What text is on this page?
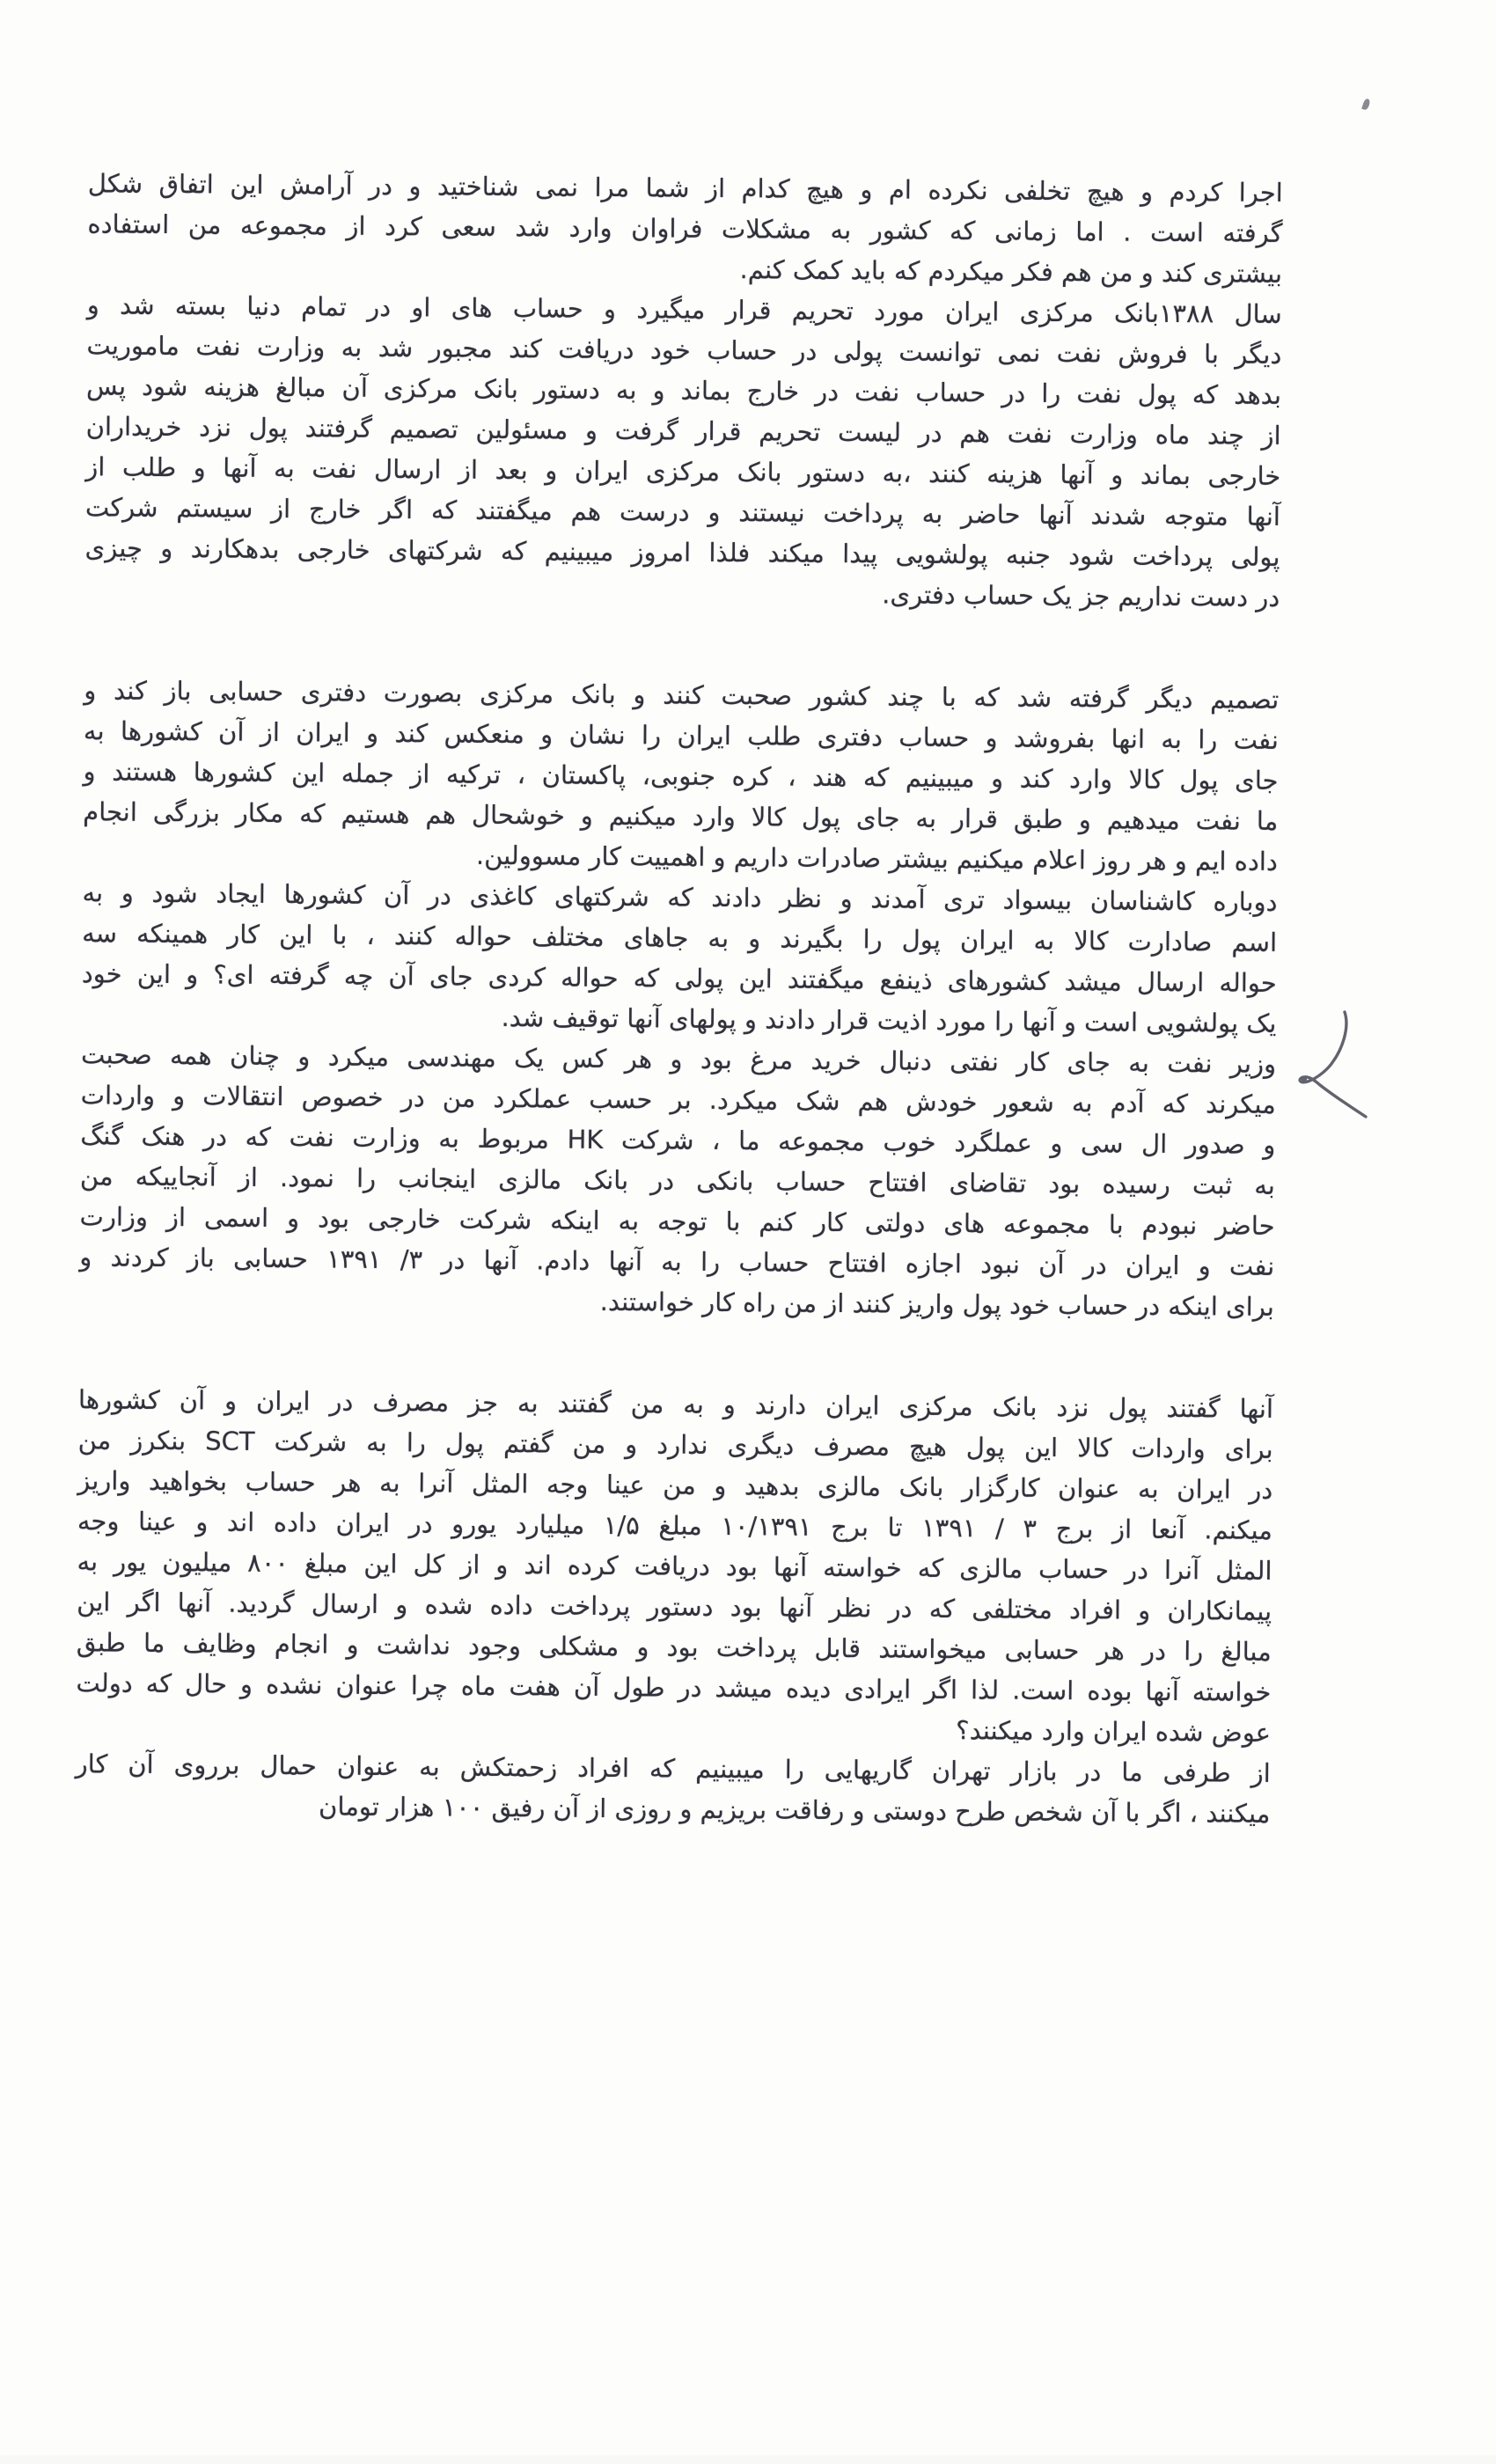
اجرا کردم و هیچ تخلفی نکرده ام و هیچ کدام از شما مرا نمی شناختید و در آرامش این اتفاق شکل
گرفته است . اما زمانی که کشور به مشکلات فراوان وارد شد سعی کرد از مجموعه من استفاده
بیشتری کند و من هم فکر میکردم که باید کمک کنم.
سال ۱۳۸۸بانک مرکزی ایران مورد تحریم قرار میگیرد و حساب های او در تمام دنیا بسته شد و
دیگر با فروش نفت نمی توانست پولی در حساب خود دریافت کند مجبور شد به وزارت نفت ماموریت
بدهد که پول نفت را در حساب نفت در خارج بماند و به دستور بانک مرکزی آن مبالغ هزینه شود پس
از چند ماه وزارت نفت هم در لیست تحریم قرار گرفت و مسئولین تصمیم گرفتند پول نزد خریداران
خارجی بماند و آنها هزینه کنند ،به دستور بانک مرکزی ایران و بعد از ارسال نفت به آنها و طلب از
آنها متوجه شدند آنها حاضر به پرداخت نیستند و درست هم میگفتند که اگر خارج از سیستم شرکت
پولی پرداخت شود جنبه پولشویی پیدا میکند فلذا امروز میبینیم که شرکتهای خارجی بدهکارند و چیزی
در دست نداریم جز یک حساب دفتری.
تصمیم دیگر گرفته شد که با چند کشور صحبت کنند و بانک مرکزی بصورت دفتری حسابی باز کند و
نفت را به انها بفروشد و حساب دفتری طلب ایران را نشان و منعکس کند و ایران از آن کشورها به
جای پول کالا وارد کند و میبینیم که هند ، کره جنوبی، پاکستان ، ترکیه از جمله این کشورها هستند و
ما نفت میدهیم و طبق قرار به جای پول کالا وارد میکنیم و خوشحال هم هستیم که مکار بزرگی انجام
داده ایم و هر روز اعلام میکنیم بیشتر صادرات داریم و اهمییت کار مسوولین.
دوباره کاشناسان بیسواد تری آمدند و نظر دادند که شرکتهای کاغذی در آن کشورها ایجاد شود و به
اسم صادارت کالا به ایران پول را بگیرند و به جاهای مختلف حواله کنند ، با این کار همینکه سه
حواله ارسال میشد کشورهای ذینفع میگفتند این پولی که حواله کردی جای آن چه گرفته ای؟ و این خود
یک پولشویی است و آنها را مورد اذیت قرار دادند و پولهای آنها توقیف شد.
وزیر نفت به جای کار نفتی دنبال خرید مرغ بود و هر کس یک مهندسی میکرد و چنان همه صحبت
میکرند که آدم به شعور خودش هم شک میکرد. بر حسب عملکرد من در خصوص انتقالات و واردات
و صدور ال سی و عملگرد خوب مجموعه ما ، شرکت HK مربوط به وزارت نفت که در هنک گنگ
به ثبت رسیده بود تقاضای افتتاح حساب بانکی در بانک مالزی اینجانب را نمود. از آنجاییکه من
حاضر نبودم با مجموعه های دولتی کار کنم با توجه به اینکه شرکت خارجی بود و اسمی از وزارت
نفت و ایران در آن نبود اجازه افتتاح حساب را به آنها دادم. آنها در ۳/ ۱۳۹۱ حسابی باز کردند و
برای اینکه در حساب خود پول واریز کنند از من راه کار خواستند.
آنها گفتند پول نزد بانک مرکزی ایران دارند و به من گفتند به جز مصرف در ایران و آن کشورها
برای واردات کالا این پول هیچ مصرف دیگری ندارد و من گفتم پول را به شرکت SCT بنکرز من
در ایران به عنوان کارگزار بانک مالزی بدهید و من عینا وجه المثل آنرا به هر حساب بخواهید واریز
میکنم. آنعا از برج ۳ / ۱۳۹۱ تا برج ۱۰/۱۳۹۱ مبلغ ۱/۵ میلیارد یورو در ایران داده اند و عینا وجه
المثل آنرا در حساب مالزی که خواسته آنها بود دریافت کرده اند و از کل این مبلغ ۸۰۰ میلیون یور به
پیمانکاران و افراد مختلفی که در نظر آنها بود دستور پرداخت داده شده و ارسال گردید. آنها اگر این
مبالغ را در هر حسابی میخواستند قابل پرداخت بود و مشکلی وجود نداشت و انجام وظایف ما طبق
خواسته آنها بوده است. لذا اگر ایرادی دیده میشد در طول آن هفت ماه چرا عنوان نشده و حال که دولت
عوض شده ایران وارد میکنند؟
از طرفی ما در بازار تهران گاریهایی را میبینیم که افراد زحمتکش به عنوان حمال برروی آن کار
میکنند ، اگر با آن شخص طرح دوستی و رفاقت بریزیم و روزی از آن رفیق ۱۰۰ هزار تومان
